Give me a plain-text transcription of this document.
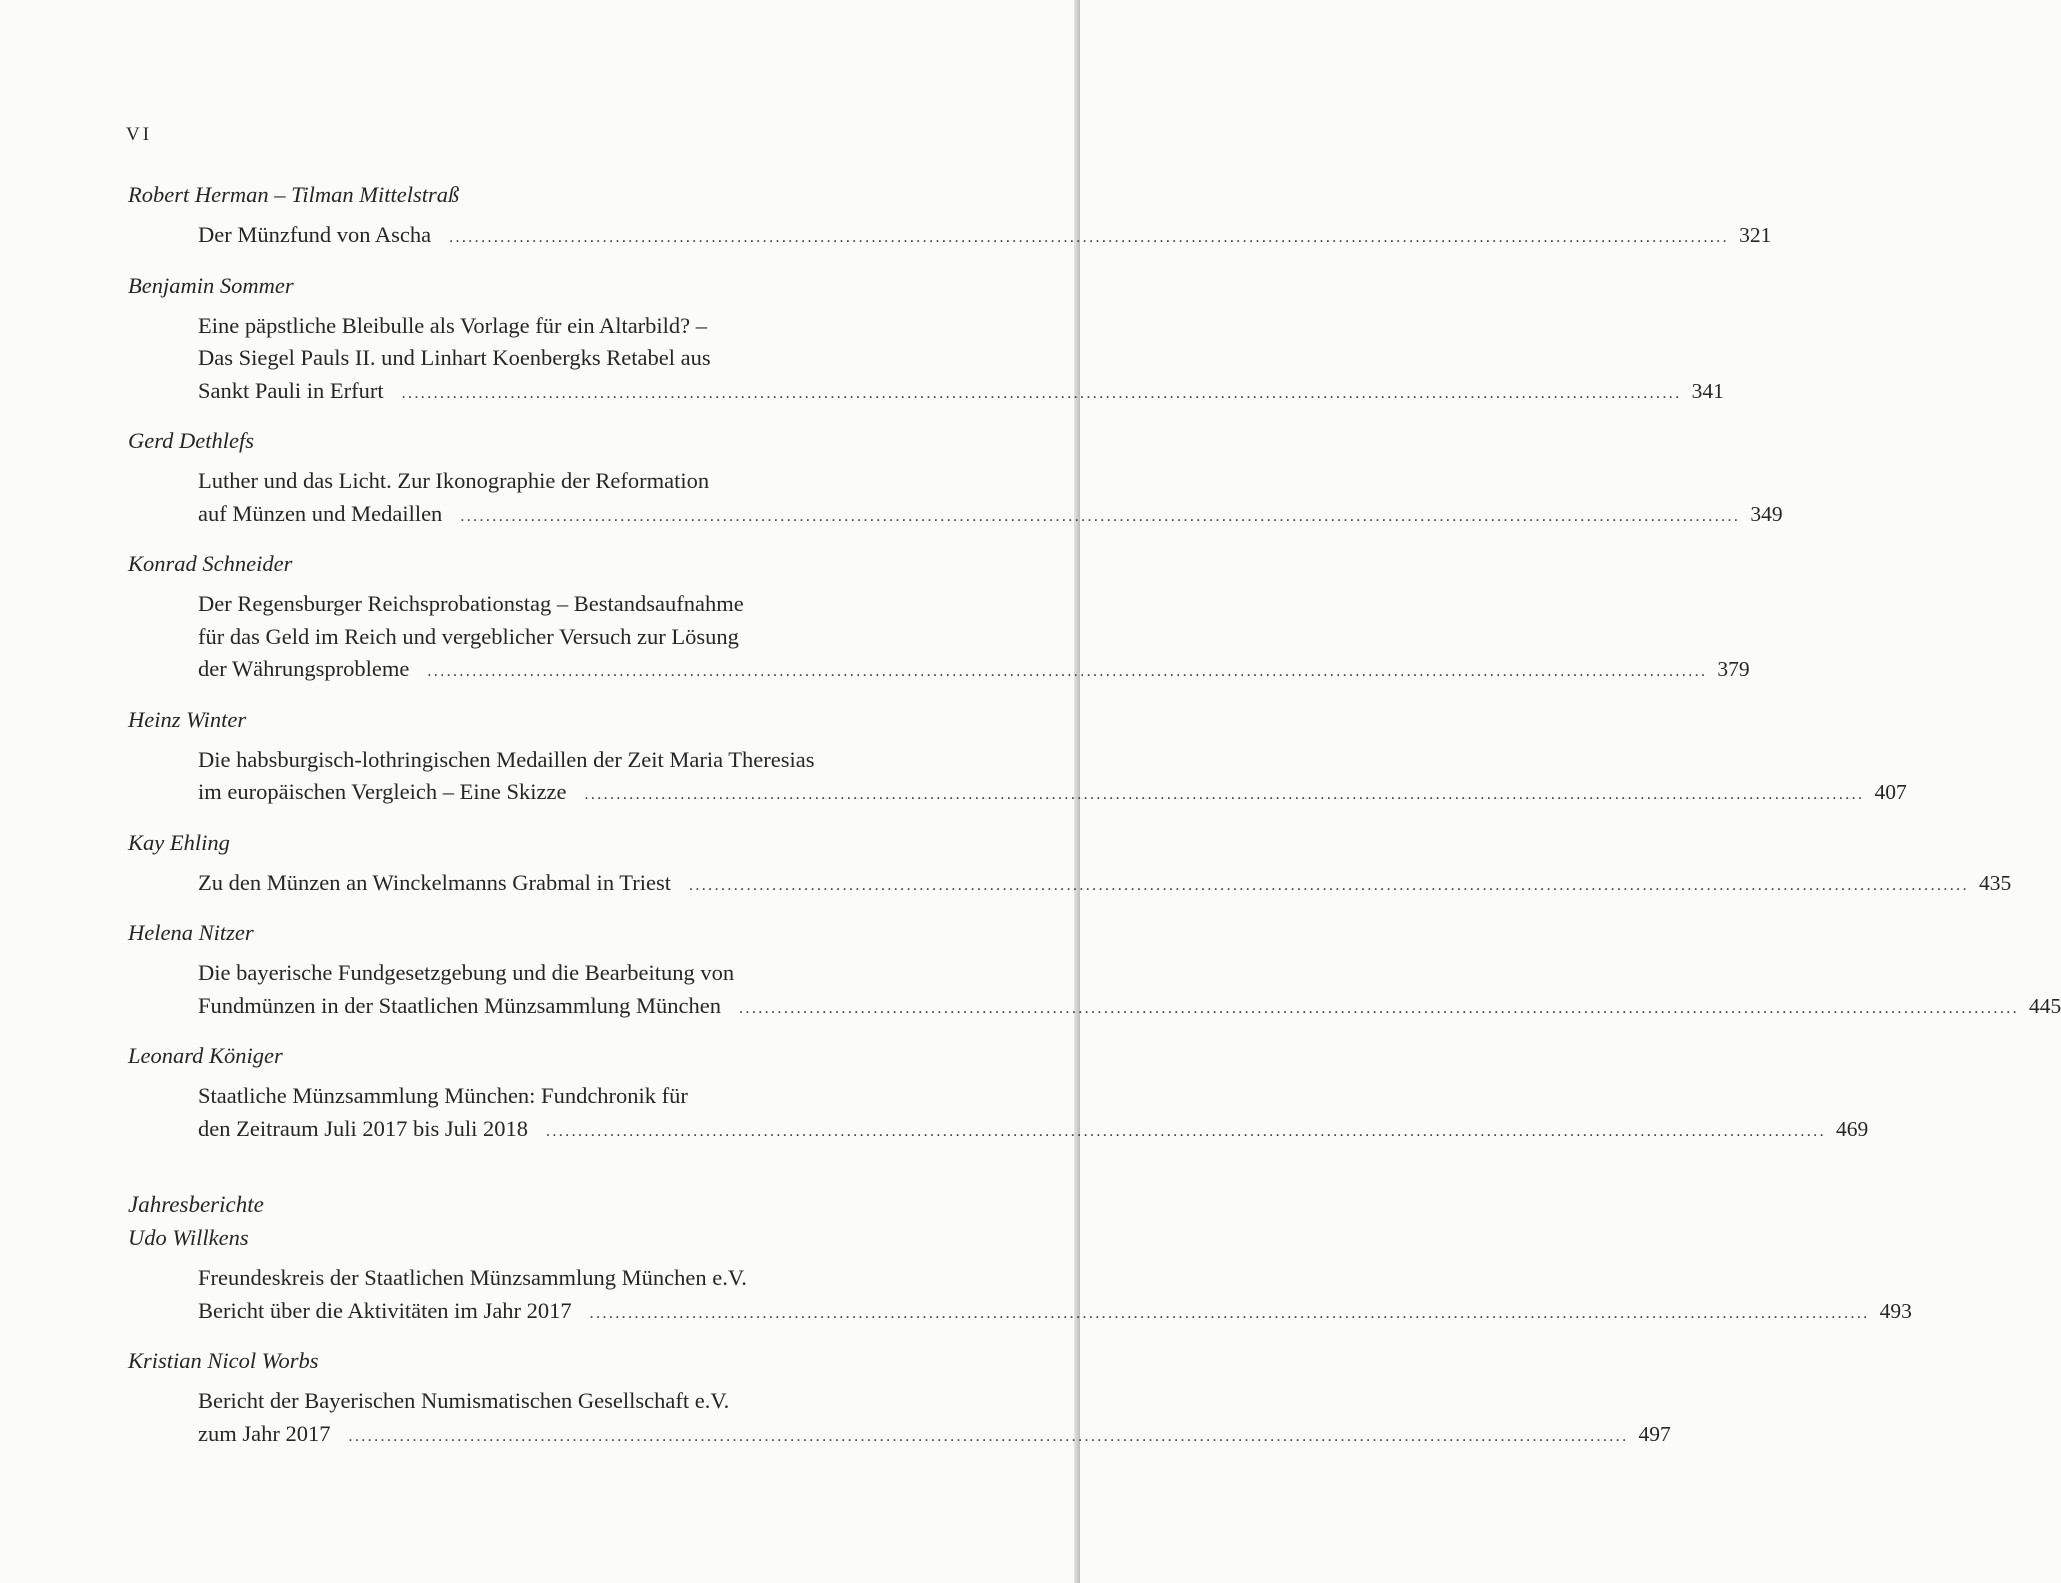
VI
Robert Herman – Tilman Mittelstraß
Der Münzfund von Ascha ........................................................................................................................................................................................................ 321
Benjamin Sommer
Eine päpstliche Bleibulle als Vorlage für ein Altarbild? –
Das Siegel Pauls II. und Linhart Koenbergks Retabel aus
Sankt Pauli in Erfurt ........................................................................................................................................................................................................ 341
Gerd Dethlefs
Luther und das Licht. Zur Ikonographie der Reformation
auf Münzen und Medaillen ........................................................................................................................................................................................................ 349
Konrad Schneider
Der Regensburger Reichsprobationstag – Bestandsaufnahme
für das Geld im Reich und vergeblicher Versuch zur Lösung
der Währungsprobleme ........................................................................................................................................................................................................ 379
Heinz Winter
Die habsburgisch-lothringischen Medaillen der Zeit Maria Theresias
im europäischen Vergleich – Eine Skizze ........................................................................................................................................................................................................ 407
Kay Ehling
Zu den Münzen an Winckelmanns Grabmal in Triest ........................................................................................................................................................................................................ 435
Helena Nitzer
Die bayerische Fundgesetzgebung und die Bearbeitung von
Fundmünzen in der Staatlichen Münzsammlung München ........................................................................................................................................................................................................ 445
Leonard Königer
Staatliche Münzsammlung München: Fundchronik für
den Zeitraum Juli 2017 bis Juli 2018 ........................................................................................................................................................................................................ 469
Jahresberichte
Udo Willkens
Freundeskreis der Staatlichen Münzsammlung München e.V.
Bericht über die Aktivitäten im Jahr 2017 ........................................................................................................................................................................................................ 493
Kristian Nicol Worbs
Bericht der Bayerischen Numismatischen Gesellschaft e.V.
zum Jahr 2017 ........................................................................................................................................................................................................ 497
